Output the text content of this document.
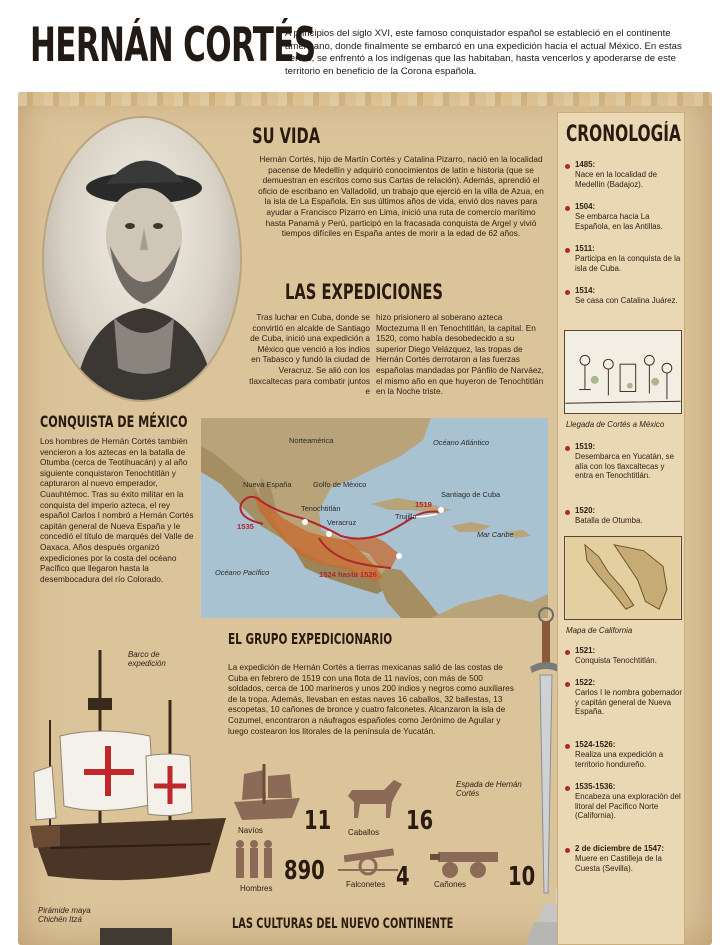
HERNÁN CORTÉS

A principios del siglo XVI, este famoso conquistador español se estableció en el continente americano, donde finalmente se embarcó en una expedición hacia el actual México. En estas tierras, se enfrentó a los indígenas que las habitaban, hasta vencerlos y apoderarse de este territorio en beneficio de la Corona española.

SU VIDA

Hernán Cortés, hijo de Martín Cortés y Catalina Pizarro, nació en la localidad pacense de Medellín y adquirió conocimientos de latín e historia (que se demuestran en escritos como sus Cartas de relación). Además, aprendió el oficio de escribano en Valladolid, un trabajo que ejerció en la villa de Azua, en la isla de La Española. En sus últimos años de vida, envió dos naves para ayudar a Francisco Pizarro en Lima, inició una ruta de comercio marítimo hasta Panamá y Perú, participó en la fracasada conquista de Argel y vivió tiempos difíciles en España antes de morir a la edad de 62 años.

LAS EXPEDICIONES

Tras luchar en Cuba, donde se convirtió en alcalde de Santiago de Cuba, inició una expedición a México que venció a los indios en Tabasco y fundó la ciudad de Veracruz. Se alió con los tlaxcaltecas para combatir juntos e

hizo prisionero al soberano azteca Moctezuma II en Tenochtitlán, la capital. En 1520, como había desobedecido a su superior Diego Velázquez, las tropas de Hernán Cortés derrotaron a las fuerzas españolas mandadas por Pánfilo de Narváez, el mismo año en que huyeron de Tenochtitlán en la Noche triste.

CONQUISTA DE MÉXICO

Los hombres de Hernán Cortés también vencieron a los aztecas en la batalla de Otumba (cerca de Teotihuacán) y al año siguiente conquistaron Tenochtitlán y capturaron al nuevo emperador, Cuauhtémoc. Tras su éxito militar en la conquista del imperio azteca, el rey español Carlos I nombró a Hernán Cortés capitán general de Nueva España y le concedió el título de marqués del Valle de Oaxaca. Años después organizó expediciones por la costa del océano Pacífico que llegaron hasta la desembocadura del río Colorado.

Norteamérica	Océano Atlántico
Golfo de México
Nueva España
Tenochtitlán
Veracruz
Santiago de Cuba
Trujillo
Mar Caribe
Océano Pacífico
1535
1519
1524 hasta 1526
EL GRUPO EXPEDICIONARIO

La expedición de Hernán Cortés a tierras mexicanas salió de las costas de Cuba en febrero de 1519 con una flota de 11 navíos, con más de 500 soldados, cerca de 100 marineros y unos 200 indios y negros como auxiliares de la tropa. Además, llevaban en estas naves 16 caballos, 32 ballestas, 13 escopetas, 10 cañones de bronce y cuatro falconetes. Alcanzaron la isla de Cozumel, encontraron a náufragos españoles como Jerónimo de Aguilar y luego costearon los litorales de la península de Yucatán.

Barco de expedición
Espada de Hernán Cortés
11
Navíos	16
Caballos
890
Hombres	4
Falconetes	10
Cañones
Pirámide maya Chichén Itzá	LAS CULTURAS DEL NUEVO CONTINENTE
CRONOLOGÍA
1485:
Nace en la localidad de Medellín (Badajoz).
1504:
Se embarca hacia La Española, en las Antillas.
1511:
Participa en la conquista de la isla de Cuba.
1514:
Se casa con Catalina Juárez.
Llegada de Cortés a México
1519:
Desembarca en Yucatán, se alía con los tlaxcaltecas y entra en Tenochtitlán.
1520:
Batalla de Otumba.
Mapa de California
1521:
Conquista Tenochtitlán.
1522:
Carlos I le nombra gobernador y capitán general de Nueva España.
1524-1526:
Realiza una expedición a territorio hondureño.
1535-1536:
Encabeza una exploración del litoral del Pacífico Norte (California).
2 de diciembre de 1547:
Muere en Castilleja de la Cuesta (Sevilla).
